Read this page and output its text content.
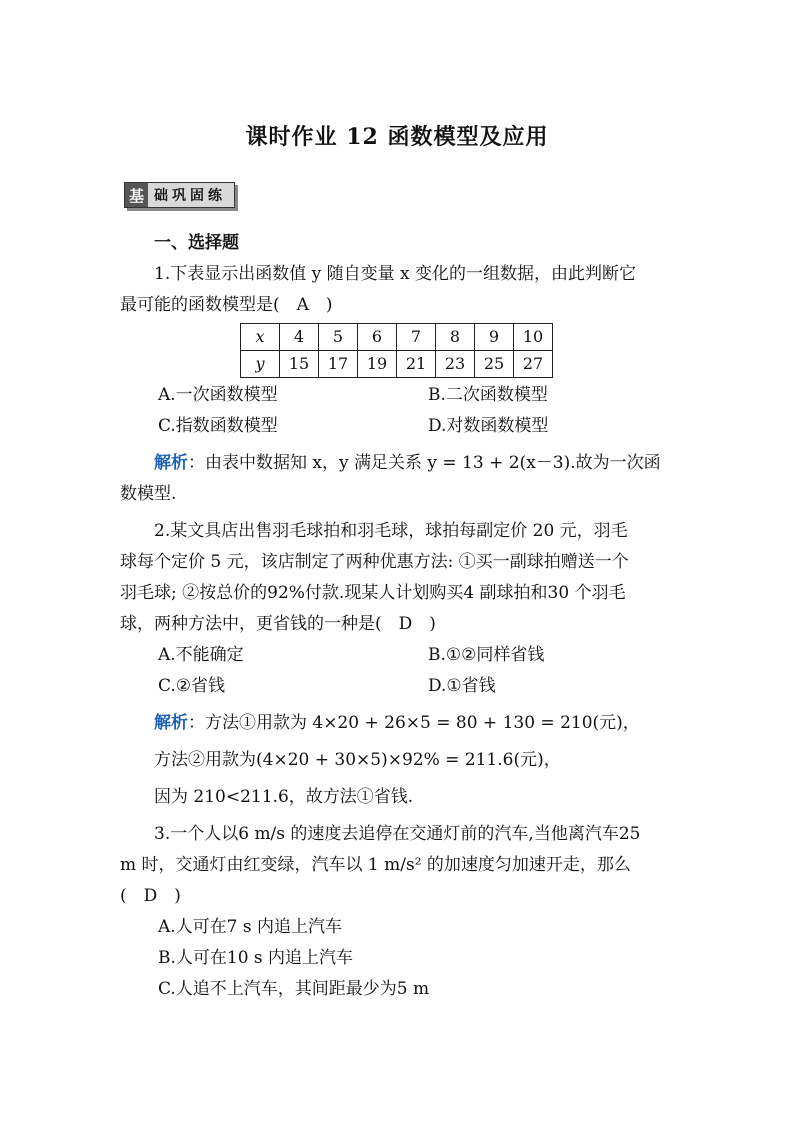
课时作业 12 函数模型及应用
基 础巩固练

一、选择题

1.下表显示出函数值 y 随自变量 x 变化的一组数据，由此判断它

最可能的函数模型是(　A　)

x	4	5	6	7	8	9	10
y	15	17	19	21	23	25	27
A.一次函数模型	B.二次函数模型
C.指数函数模型	D.对数函数模型

解析：由表中数据知 x，y 满足关系 y = 13 + 2(x－3).故为一次函

数模型.

2.某文具店出售羽毛球拍和羽毛球，球拍每副定价 20 元，羽毛

球每个定价 5 元，该店制定了两种优惠方法: ①买一副球拍赠送一个

羽毛球; ②按总价的92%付款.现某人计划购买4 副球拍和30 个羽毛

球，两种方法中，更省钱的一种是(　D　)

A.不能确定	B.①②同样省钱
C.②省钱	D.①省钱

解析：方法①用款为 4×20 + 26×5 = 80 + 130 = 210(元)，

方法②用款为(4×20 + 30×5)×92% = 211.6(元)，

因为 210<211.6，故方法①省钱.

3.一个人以6 m/s 的速度去追停在交通灯前的汽车,当他离汽车25

m 时，交通灯由红变绿，汽车以 1 m/s² 的加速度匀加速开走，那么

(　D　)

A.人可在7 s 内追上汽车

B.人可在10 s 内追上汽车

C.人追不上汽车，其间距最少为5 m
